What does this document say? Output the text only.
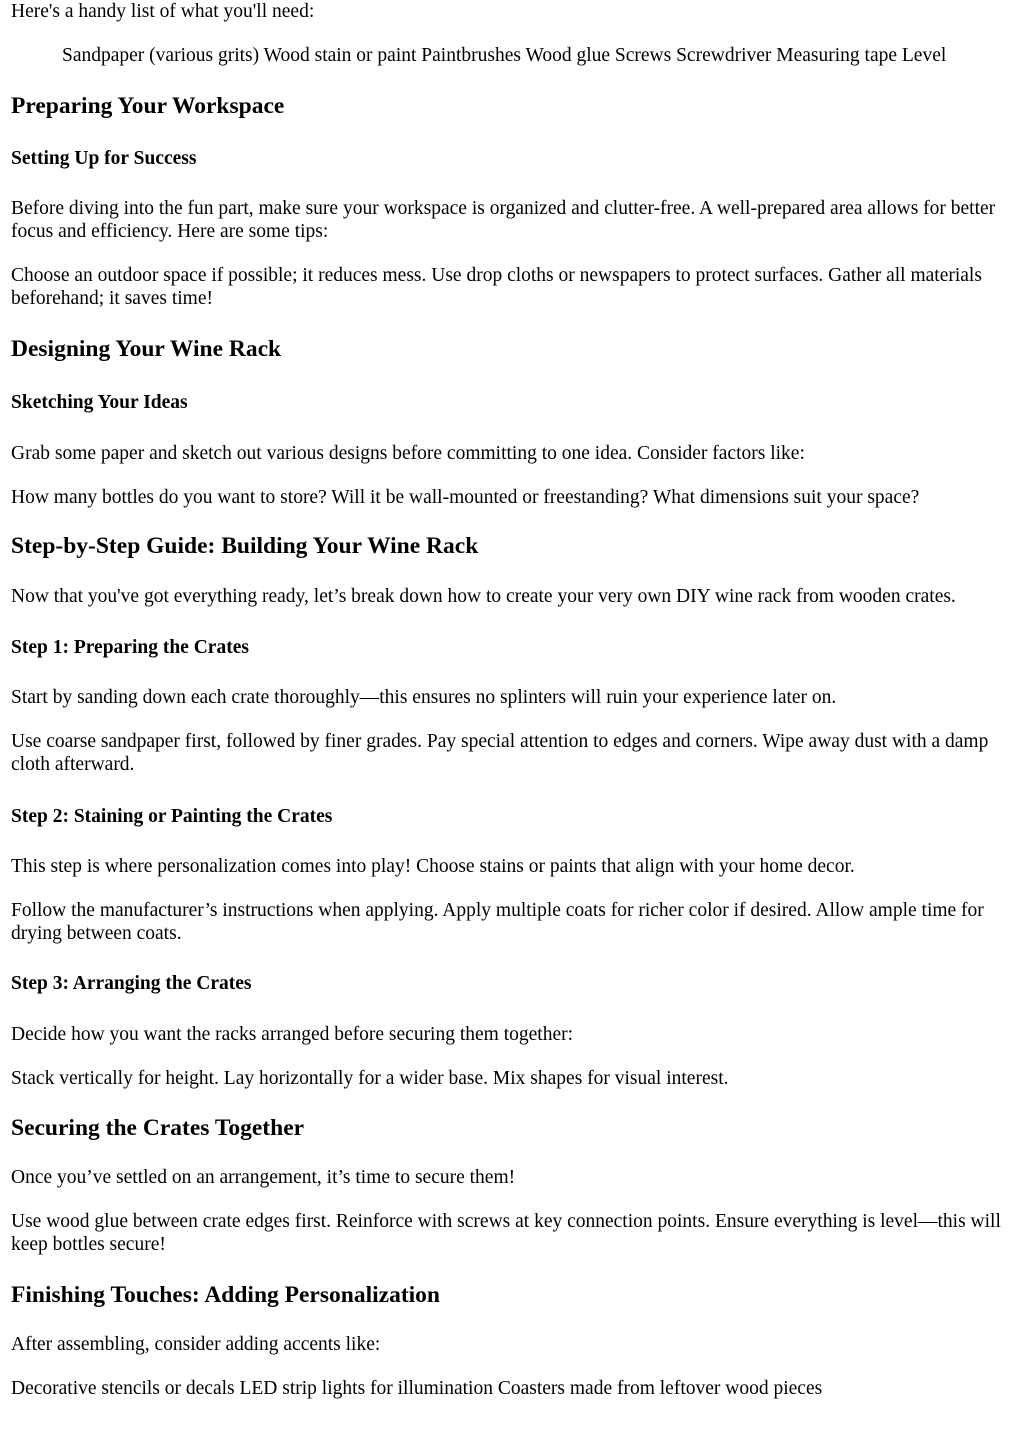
Here's a handy list of what you'll need:

Sandpaper (various grits) Wood stain or paint Paintbrushes Wood glue Screws Screwdriver Measuring tape Level

Preparing Your Workspace
Setting Up for Success

Before diving into the fun part, make sure your workspace is organized and clutter-free. A well-prepared area allows for better focus and efficiency. Here are some tips:

Choose an outdoor space if possible; it reduces mess. Use drop cloths or newspapers to protect surfaces. Gather all materials beforehand; it saves time!

Designing Your Wine Rack
Sketching Your Ideas

Grab some paper and sketch out various designs before committing to one idea. Consider factors like:

How many bottles do you want to store? Will it be wall-mounted or freestanding? What dimensions suit your space?

Step-by-Step Guide: Building Your Wine Rack

Now that you've got everything ready, let’s break down how to create your very own DIY wine rack from wooden crates.

Step 1: Preparing the Crates

Start by sanding down each crate thoroughly—this ensures no splinters will ruin your experience later on.

Use coarse sandpaper first, followed by finer grades. Pay special attention to edges and corners. Wipe away dust with a damp cloth afterward.

Step 2: Staining or Painting the Crates

This step is where personalization comes into play! Choose stains or paints that align with your home decor.

Follow the manufacturer’s instructions when applying. Apply multiple coats for richer color if desired. Allow ample time for drying between coats.

Step 3: Arranging the Crates

Decide how you want the racks arranged before securing them together:

Stack vertically for height. Lay horizontally for a wider base. Mix shapes for visual interest.

Securing the Crates Together

Once you’ve settled on an arrangement, it’s time to secure them!

Use wood glue between crate edges first. Reinforce with screws at key connection points. Ensure everything is level—this will keep bottles secure!

Finishing Touches: Adding Personalization

After assembling, consider adding accents like:

Decorative stencils or decals LED strip lights for illumination Coasters made from leftover wood pieces
